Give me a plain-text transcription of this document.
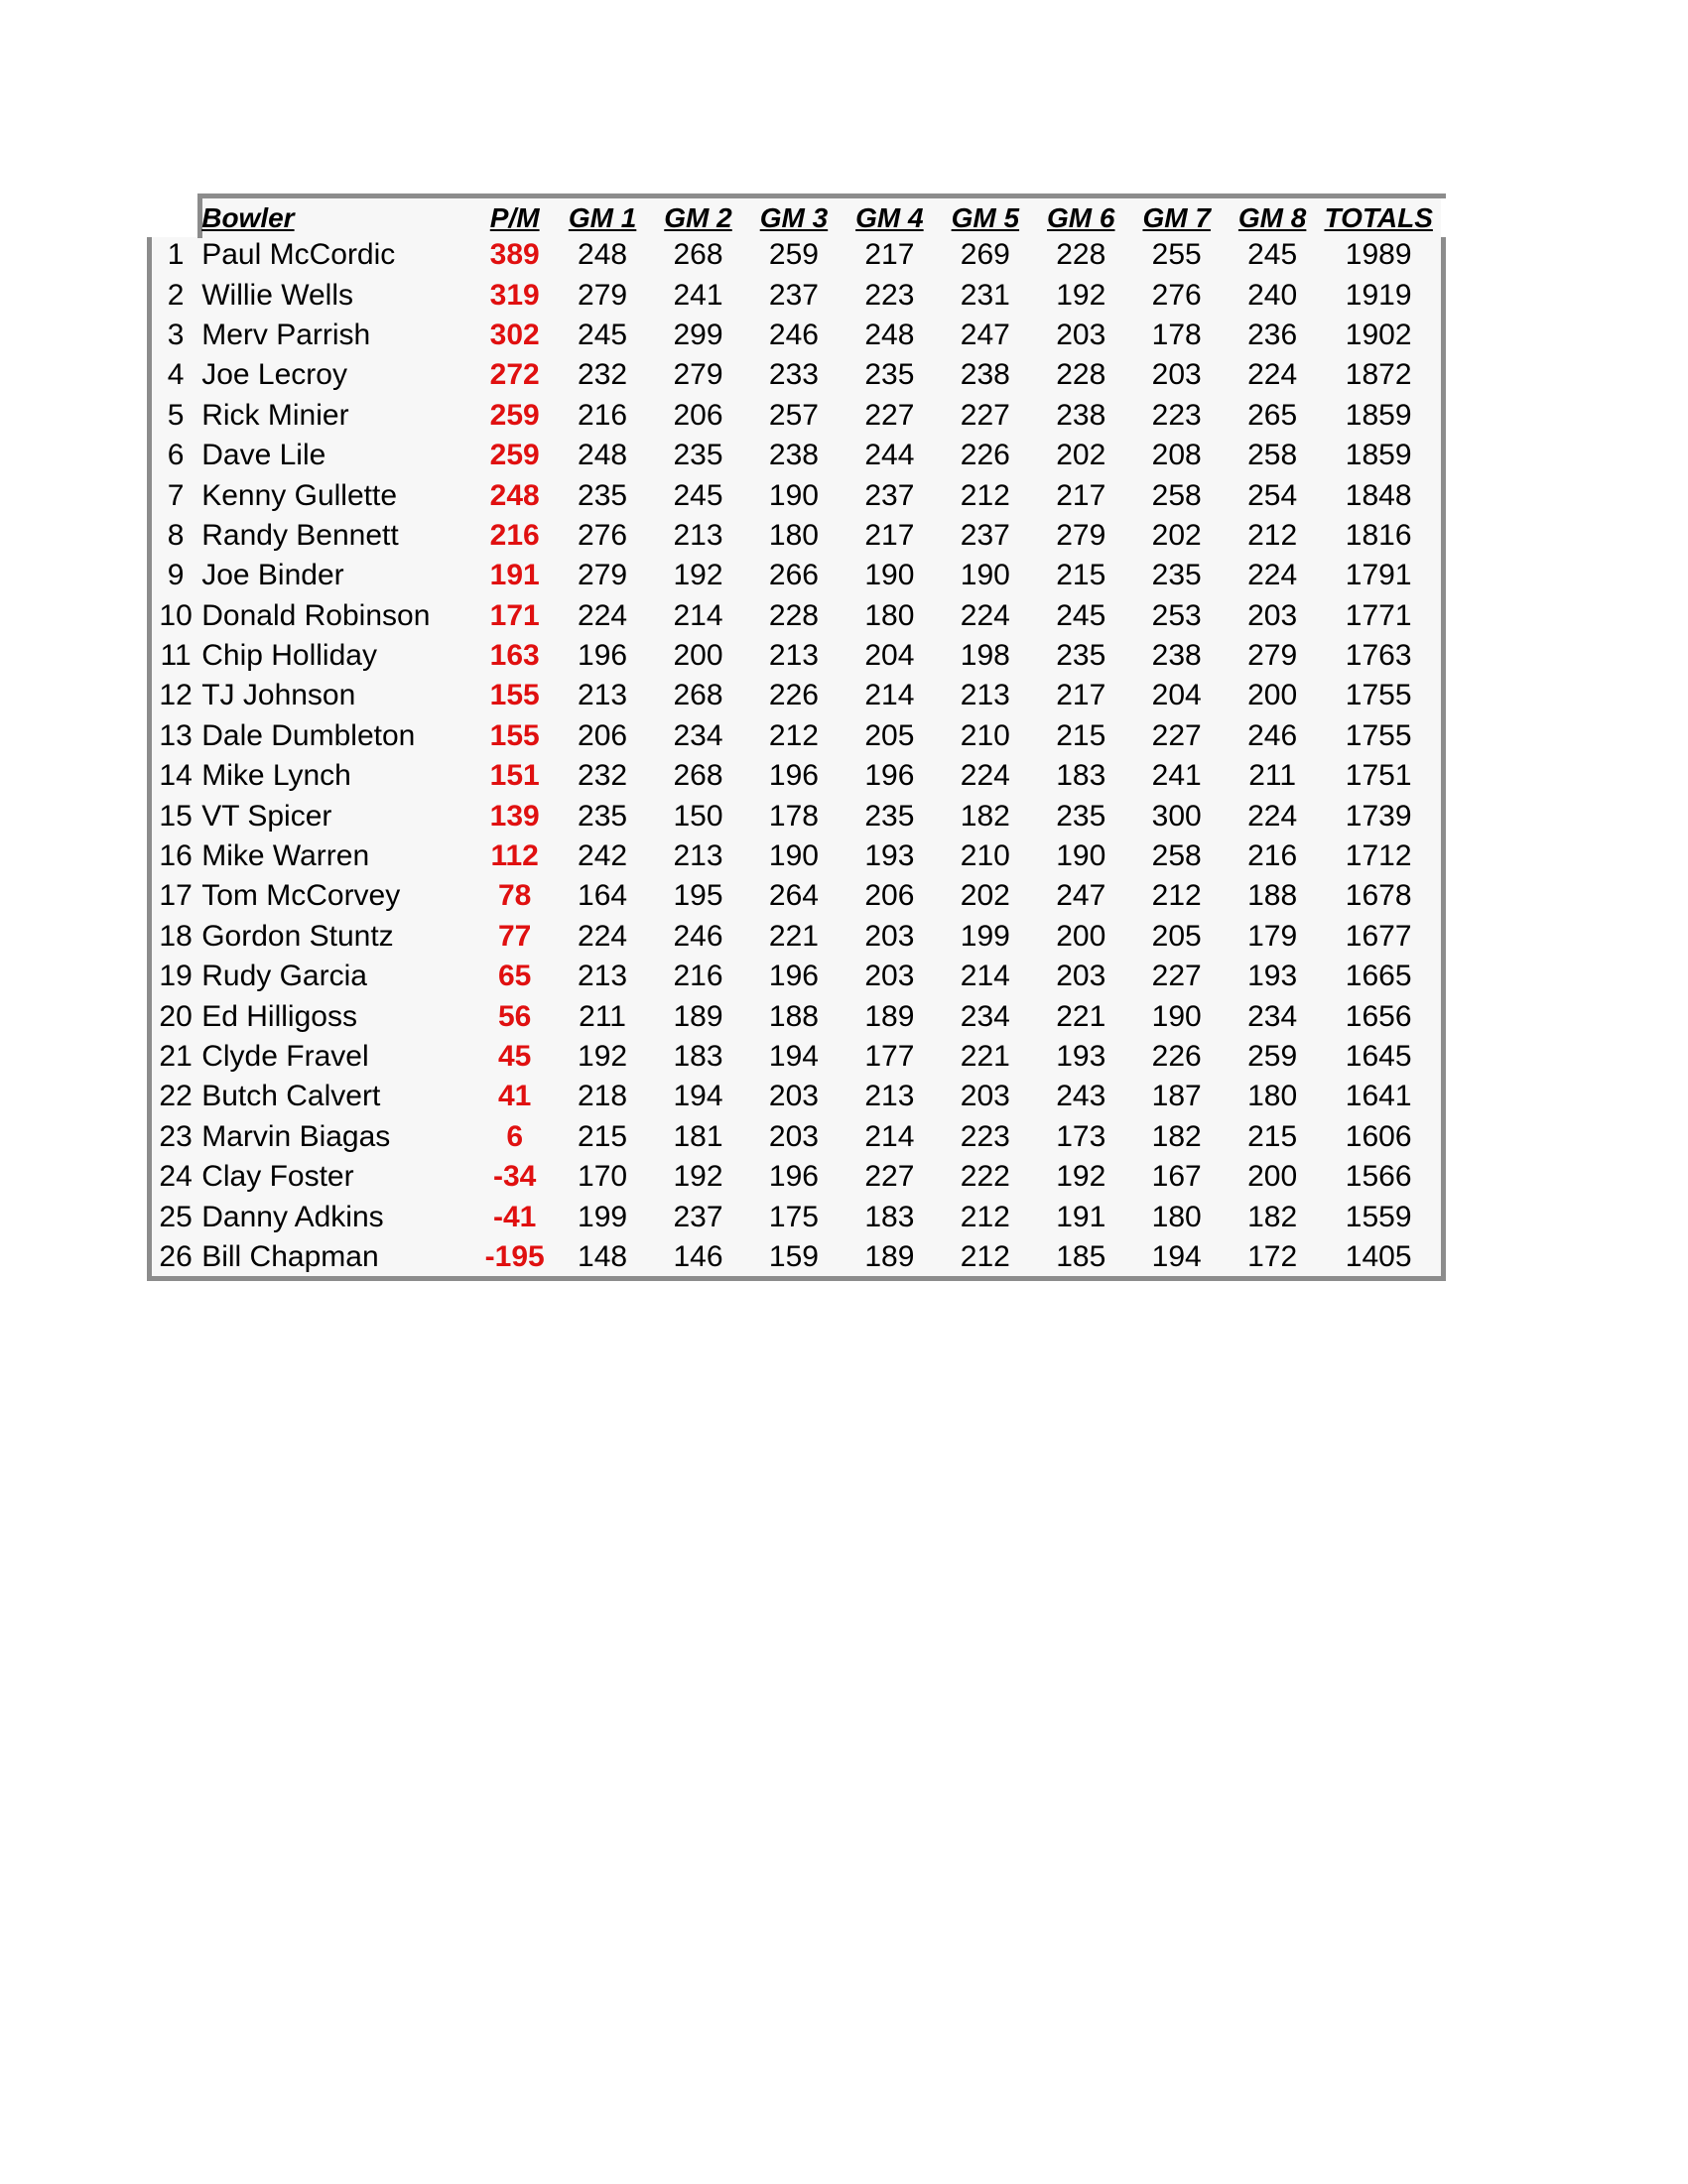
	Bowler	P/M	GM 1	GM 2	GM 3	GM 4	GM 5	GM 6	GM 7	GM 8	TOTALS
1	Paul McCordic	389	248	268	259	217	269	228	255	245	1989
2	Willie Wells	319	279	241	237	223	231	192	276	240	1919
3	Merv Parrish	302	245	299	246	248	247	203	178	236	1902
4	Joe Lecroy	272	232	279	233	235	238	228	203	224	1872
5	Rick Minier	259	216	206	257	227	227	238	223	265	1859
6	Dave Lile	259	248	235	238	244	226	202	208	258	1859
7	Kenny Gullette	248	235	245	190	237	212	217	258	254	1848
8	Randy Bennett	216	276	213	180	217	237	279	202	212	1816
9	Joe Binder	191	279	192	266	190	190	215	235	224	1791
10	Donald Robinson	171	224	214	228	180	224	245	253	203	1771
11	Chip Holliday	163	196	200	213	204	198	235	238	279	1763
12	TJ Johnson	155	213	268	226	214	213	217	204	200	1755
13	Dale Dumbleton	155	206	234	212	205	210	215	227	246	1755
14	Mike Lynch	151	232	268	196	196	224	183	241	211	1751
15	VT Spicer	139	235	150	178	235	182	235	300	224	1739
16	Mike Warren	112	242	213	190	193	210	190	258	216	1712
17	Tom McCorvey	78	164	195	264	206	202	247	212	188	1678
18	Gordon Stuntz	77	224	246	221	203	199	200	205	179	1677
19	Rudy Garcia	65	213	216	196	203	214	203	227	193	1665
20	Ed Hilligoss	56	211	189	188	189	234	221	190	234	1656
21	Clyde Fravel	45	192	183	194	177	221	193	226	259	1645
22	Butch Calvert	41	218	194	203	213	203	243	187	180	1641
23	Marvin Biagas	6	215	181	203	214	223	173	182	215	1606
24	Clay Foster	-34	170	192	196	227	222	192	167	200	1566
25	Danny Adkins	-41	199	237	175	183	212	191	180	182	1559
26	Bill Chapman	-195	148	146	159	189	212	185	194	172	1405
